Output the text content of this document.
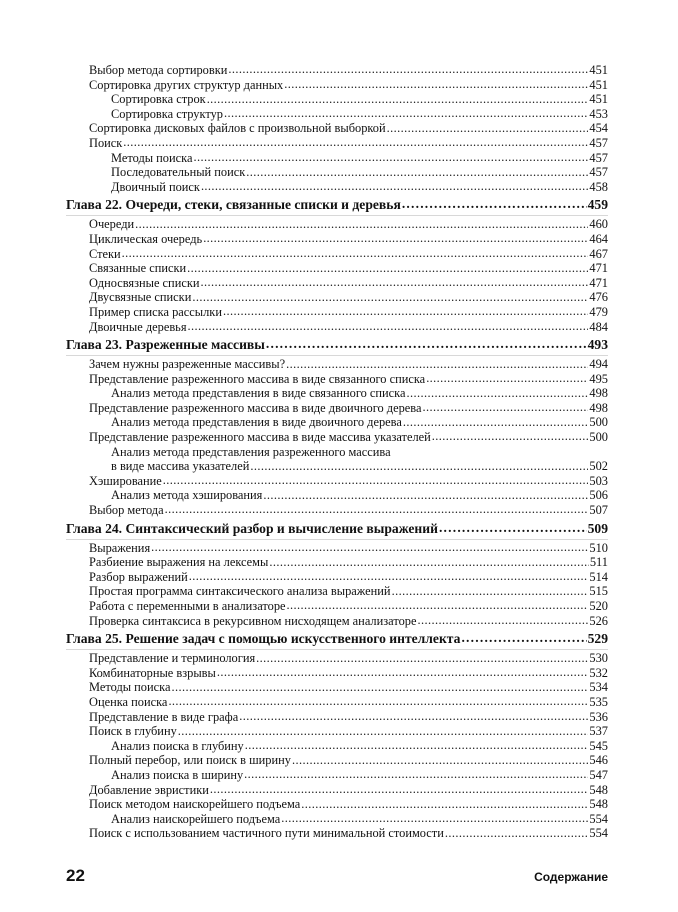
Выбор метода сортировки .....	451
Сортировка других структур данных .....	451
Сортировка строк .....	451
Сортировка структур .....	453
Сортировка дисковых файлов с произвольной выборкой .....	454
Поиск .....	457
Методы поиска .....	457
Последовательный поиск .....	457
Двоичный поиск .....	458
Глава 22. Очереди, стеки, связанные списки и деревья .....	459
Очереди .....	460
Циклическая очередь .....	464
Стеки .....	467
Связанные списки .....	471
Односвязные списки .....	471
Двусвязные списки .....	476
Пример списка рассылки .....	479
Двоичные деревья .....	484
Глава 23. Разреженные массивы .....	493
Зачем нужны разреженные массивы? .....	494
Представление разреженного массива в виде связанного списка .....	495
Анализ метода представления в виде связанного списка .....	498
Представление разреженного массива в виде двоичного дерева .....	498
Анализ метода представления в виде двоичного дерева .....	500
Представление разреженного массива в виде массива указателей .....	500
Анализ метода представления разреженного массива
в виде массива указателей .....	502
Хэширование .....	503
Анализ метода хэширования .....	506
Выбор метода .....	507
Глава 24. Синтаксический разбор и вычисление выражений .....	509
Выражения .....	510
Разбиение выражения на лексемы .....	511
Разбор выражений .....	514
Простая программа синтаксического анализа выражений .....	515
Работа с переменными в анализаторе .....	520
Проверка синтаксиса в рекурсивном нисходящем анализаторе .....	526
Глава 25. Решение задач с помощью искусственного интеллекта .....	529
Представление и терминология .....	530
Комбинаторные взрывы .....	532
Методы поиска .....	534
Оценка поиска .....	535
Представление в виде графа .....	536
Поиск в глубину .....	537
Анализ поиска в глубину .....	545
Полный перебор, или поиск в ширину .....	546
Анализ поиска в ширину .....	547
Добавление эвристики .....	548
Поиск методом наискорейшего подъема .....	548
Анализ наискорейшего подъема .....	554
Поиск с использованием частичного пути минимальной стоимости .....	554
22	Содержание
